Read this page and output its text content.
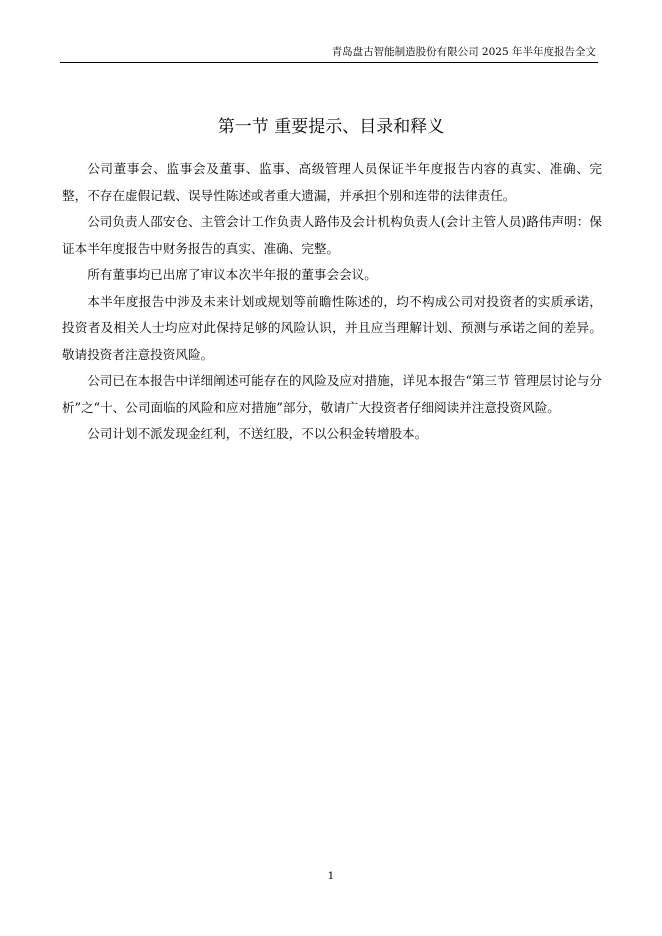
青岛盘古智能制造股份有限公司 2025 年半年度报告全文
第一节 重要提示、目录和释义

公司董事会、监事会及董事、监事、高级管理人员保证半年度报告内容的真实、准确、完整，不存在虚假记载、误导性陈述或者重大遗漏，并承担个别和连带的法律责任。

公司负责人邵安仓、主管会计工作负责人路伟及会计机构负责人(会计主管人员)路伟声明：保证本半年度报告中财务报告的真实、准确、完整。

所有董事均已出席了审议本次半年报的董事会会议。

本半年度报告中涉及未来计划或规划等前瞻性陈述的，均不构成公司对投资者的实质承诺，投资者及相关人士均应对此保持足够的风险认识，并且应当理解计划、预测与承诺之间的差异。敬请投资者注意投资风险。

公司已在本报告中详细阐述可能存在的风险及应对措施，详见本报告“第三节 管理层讨论与分析”之“十、公司面临的风险和应对措施”部分，敬请广大投资者仔细阅读并注意投资风险。

公司计划不派发现金红利，不送红股，不以公积金转增股本。

1
